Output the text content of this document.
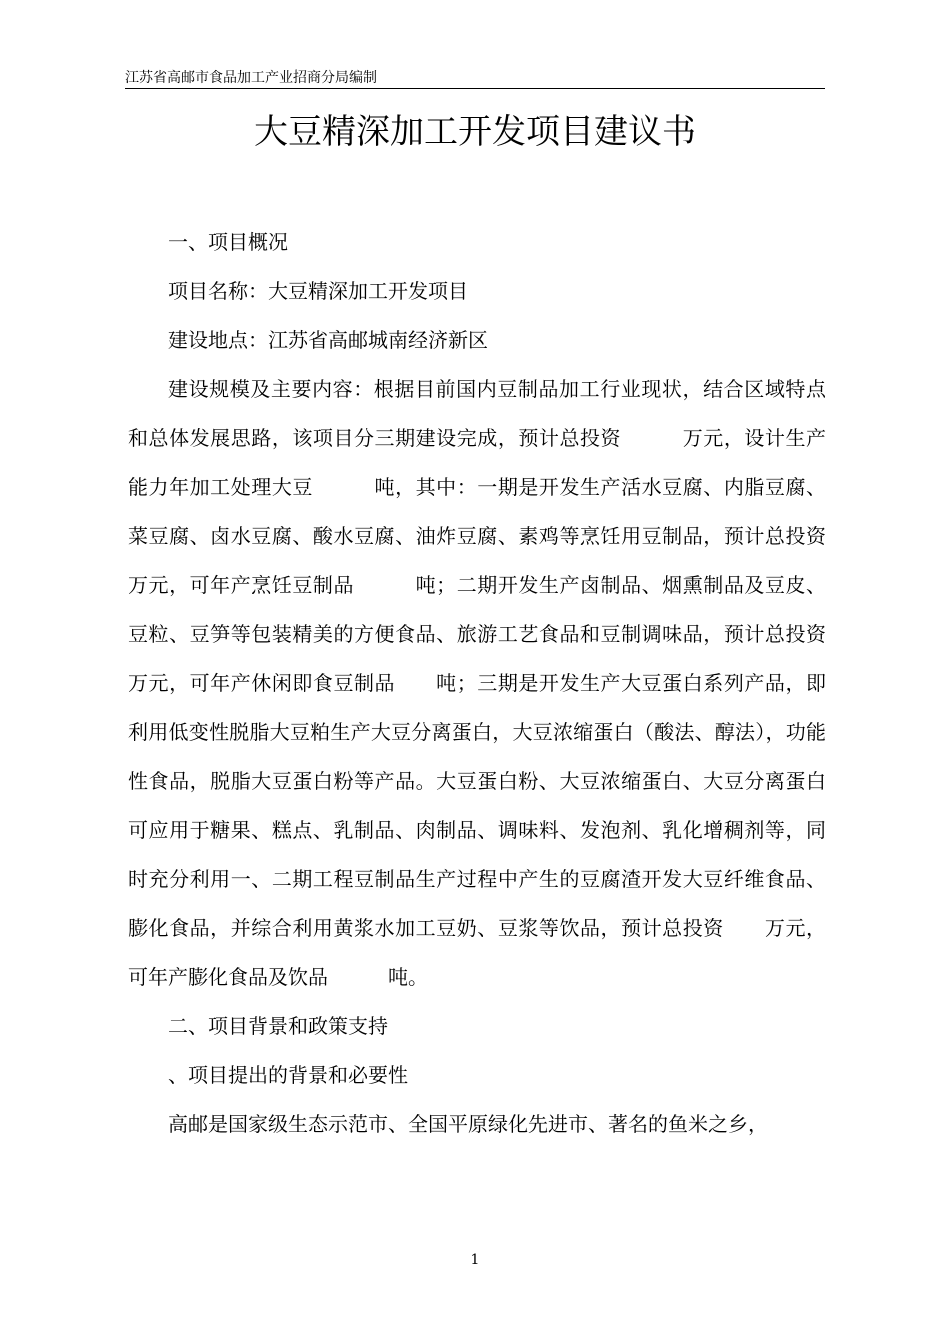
江苏省高邮市食品加工产业招商分局编制
大豆精深加工开发项目建议书

一、项目概况

项目名称：大豆精深加工开发项目

建设地点：江苏省高邮城南经济新区

建设规模及主要内容：根据目前国内豆制品加工行业现状，结合区域特点和总体发展思路，该项目分三期建设完成，预计总投资　　　万元，设计生产能力年加工处理大豆　　　吨，其中：一期是开发生产活水豆腐、内脂豆腐、菜豆腐、卤水豆腐、酸水豆腐、油炸豆腐、素鸡等烹饪用豆制品，预计总投资　　万元，可年产烹饪豆制品　　　吨；二期开发生产卤制品、烟熏制品及豆皮、豆粒、豆笋等包装精美的方便食品、旅游工艺食品和豆制调味品，预计总投资　　　万元，可年产休闲即食豆制品　　吨；三期是开发生产大豆蛋白系列产品，即利用低变性脱脂大豆粕生产大豆分离蛋白，大豆浓缩蛋白（酸法、醇法），功能性食品，脱脂大豆蛋白粉等产品。大豆蛋白粉、大豆浓缩蛋白、大豆分离蛋白可应用于糖果、糕点、乳制品、肉制品、调味料、发泡剂、乳化增稠剂等，同时充分利用一、二期工程豆制品生产过程中产生的豆腐渣开发大豆纤维食品、膨化食品，并综合利用黄浆水加工豆奶、豆浆等饮品，预计总投资　　万元，可年产膨化食品及饮品　　　吨。

二、项目背景和政策支持

、项目提出的背景和必要性

高邮是国家级生态示范市、全国平原绿化先进市、著名的鱼米之乡，

1
